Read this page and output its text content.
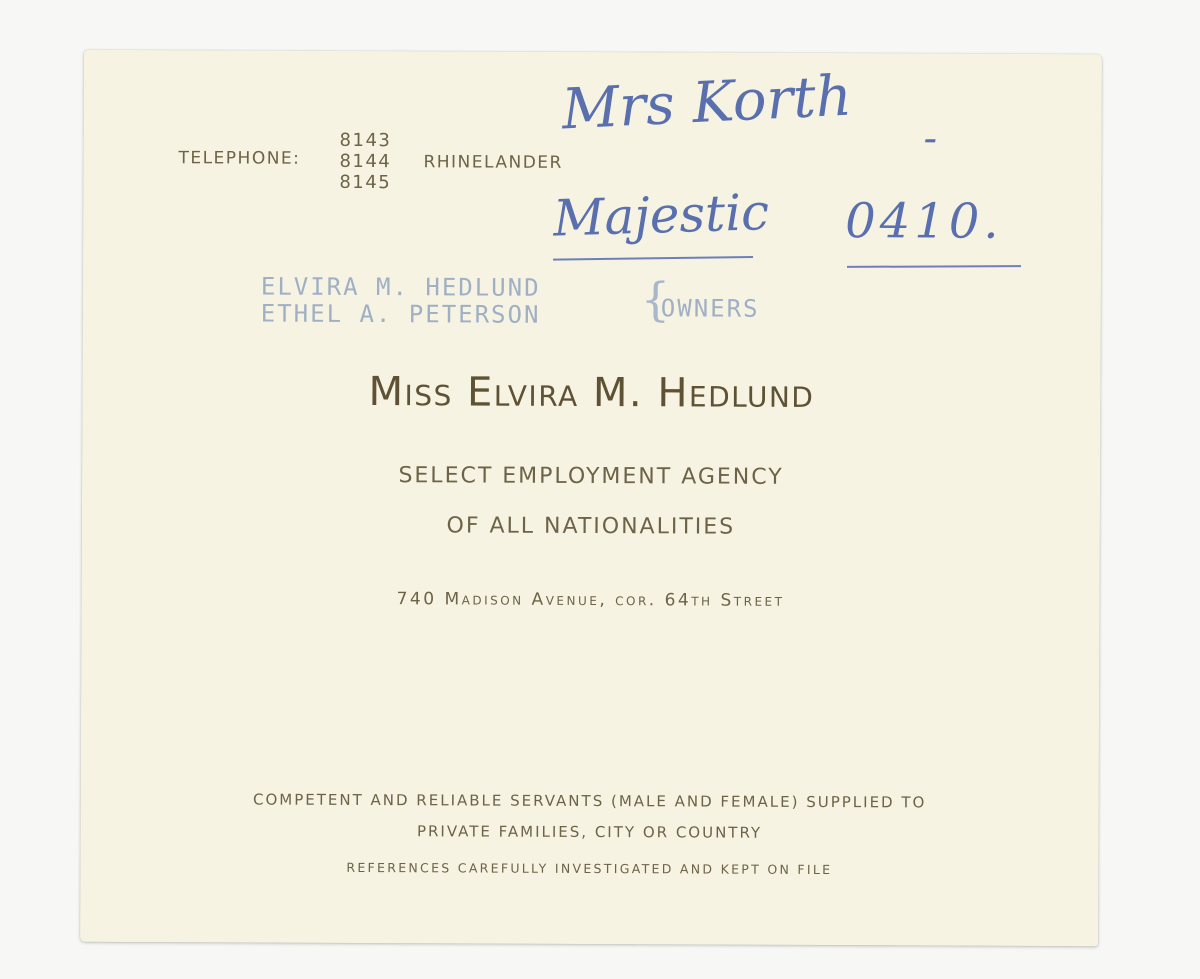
TELEPHONE:
8143
8144
8145
RHINELANDER
ELVIRA M. HEDLUND
ETHEL A. PETERSON {
OWNERS
Mrs Korth -
Majestic 0410.
Miss Elvira M. Hedlund
SELECT EMPLOYMENT AGENCY
OF ALL NATIONALITIES
740 Madison Avenue, cor. 64th Street
COMPETENT AND RELIABLE SERVANTS (MALE AND FEMALE) SUPPLIED TO
PRIVATE FAMILIES, CITY OR COUNTRY
REFERENCES CAREFULLY INVESTIGATED AND KEPT ON FILE
